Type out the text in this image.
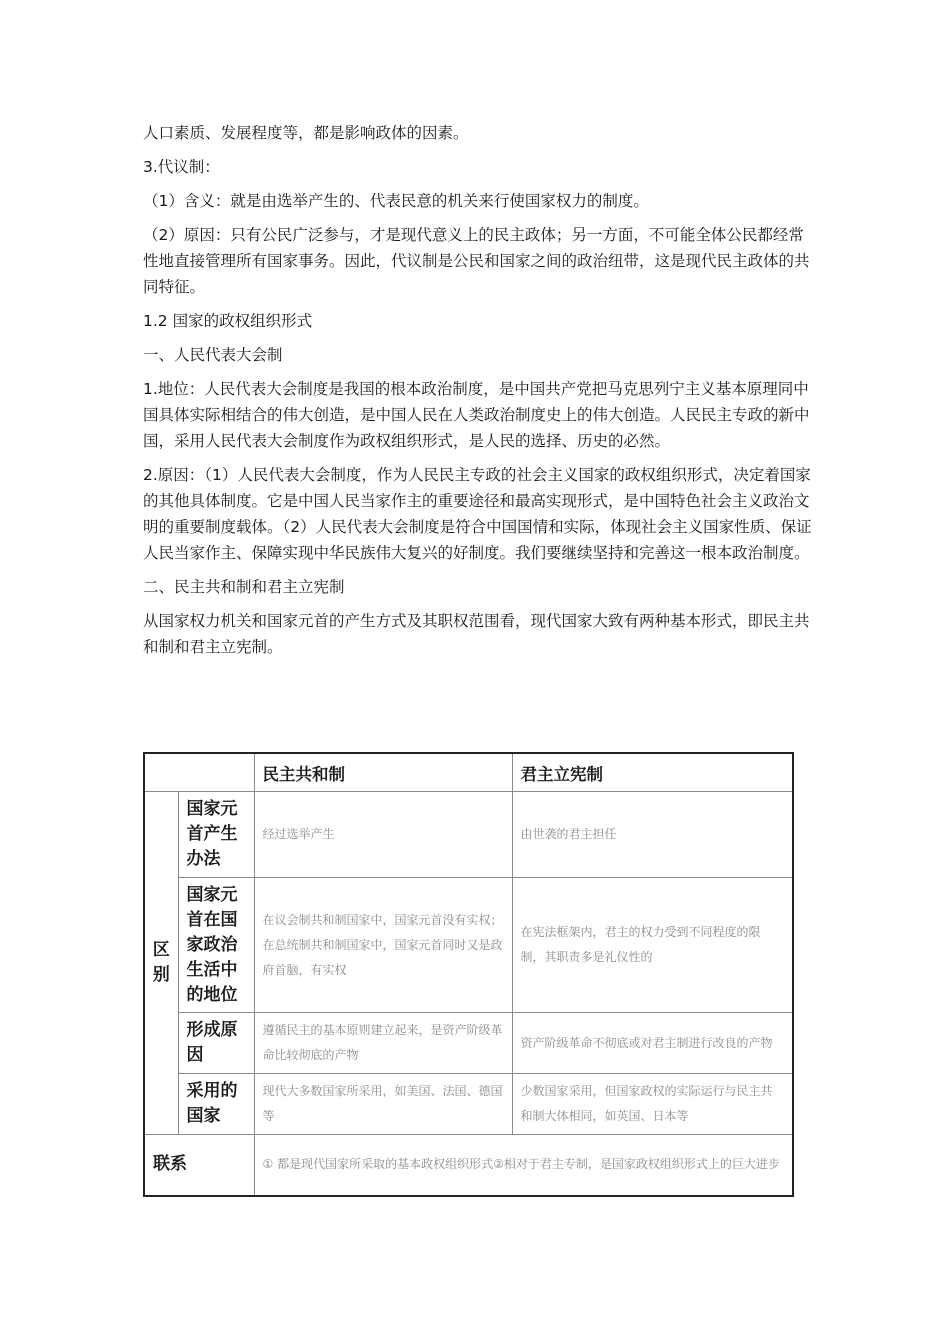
人口素质、发展程度等，都是影响政体的因素。

3.代议制：

（1）含义：就是由选举产生的、代表民意的机关来行使国家权力的制度。

（2）原因：只有公民广泛参与，才是现代意义上的民主政体；另一方面，不可能全体公民都经常性地直接管理所有国家事务。因此，代议制是公民和国家之间的政治纽带，这是现代民主政体的共同特征。

1.2 国家的政权组织形式

一、人民代表大会制

1.地位：人民代表大会制度是我国的根本政治制度，是中国共产党把马克思列宁主义基本原理同中国具体实际相结合的伟大创造，是中国人民在人类政治制度史上的伟大创造。人民民主专政的新中国，采用人民代表大会制度作为政权组织形式，是人民的选择、历史的必然。

2.原因：（1）人民代表大会制度，作为人民民主专政的社会主义国家的政权组织形式，决定着国家的其他具体制度。它是中国人民当家作主的重要途径和最高实现形式，是中国特色社会主义政治文明的重要制度载体。（2）人民代表大会制度是符合中国国情和实际，体现社会主义国家性质、保证人民当家作主、保障实现中华民族伟大复兴的好制度。我们要继续坚持和完善这一根本政治制度。

二、民主共和制和君主立宪制

从国家权力机关和国家元首的产生方式及其职权范围看，现代国家大致有两种基本形式，即民主共和制和君主立宪制。

		民主共和制	君主立宪制
区别	国家元首产生办法	经过选举产生	由世袭的君主担任
	国家元首在国家政治生活中的地位	在议会制共和制国家中，国家元首没有实权；在总统制共和制国家中，国家元首同时又是政府首脑，有实权	在宪法框架内，君主的权力受到不同程度的限制，其职责多是礼仪性的
	形成原因	遵循民主的基本原则建立起来，是资产阶级革命比较彻底的产物	资产阶级革命不彻底或对君主制进行改良的产物
	采用的国家	现代大多数国家所采用，如美国、法国、德国等	少数国家采用，但国家政权的实际运行与民主共和制大体相同，如英国、日本等
联系		① 都是现代国家所采取的基本政权组织形式②相对于君主专制，是国家政权组织形式上的巨大进步	
